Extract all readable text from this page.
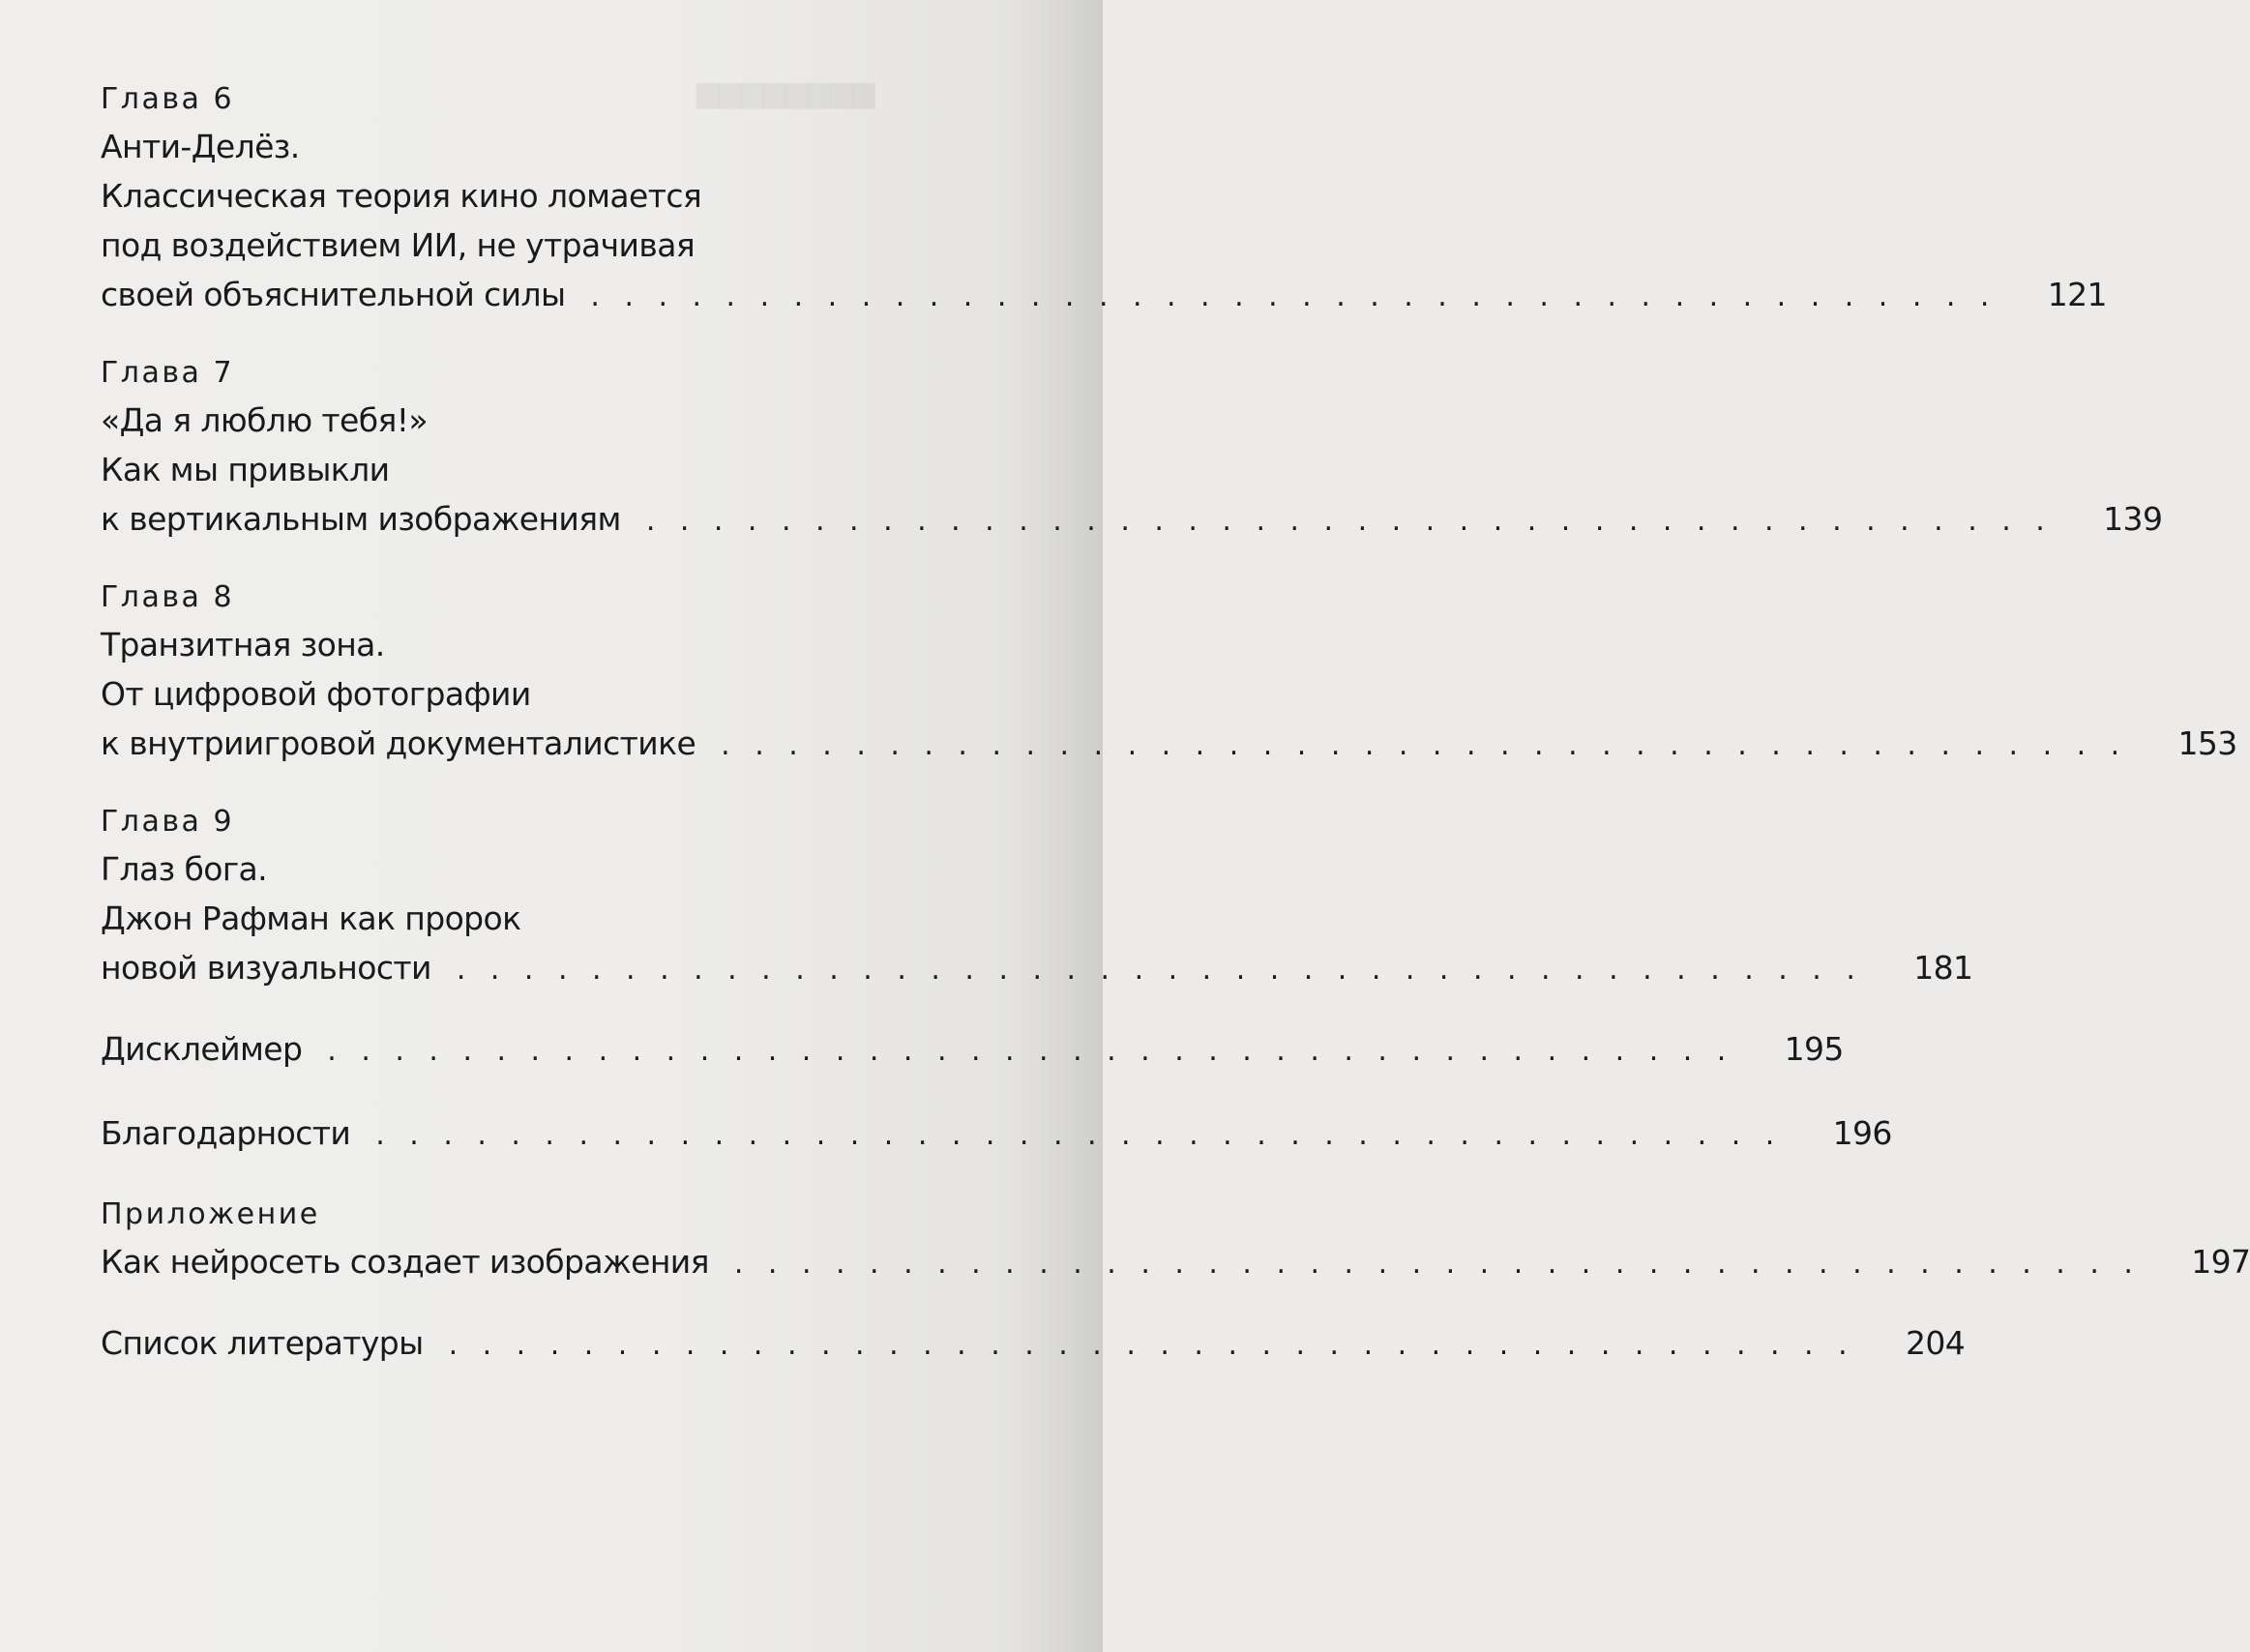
▆▆▆▆▆▆▆▆
Глава 6
Анти-Делёз.
Классическая теория кино ломается
под воздействием ИИ, не утрачивая
своей объяснительной силы .......................................... 121
Глава 7
«Да я люблю тебя!»
Как мы привыкли
к вертикальным изображениям .......................................... 139
Глава 8
Транзитная зона.
От цифровой фотографии
к внутриигровой документалистике .......................................... 153
Глава 9
Глаз бога.
Джон Рафман как пророк
новой визуальности .......................................... 181
Дисклеймер .......................................... 195
Благодарности .......................................... 196
Приложение
Как нейросеть создает изображения .......................................... 197
Список литературы .......................................... 204
